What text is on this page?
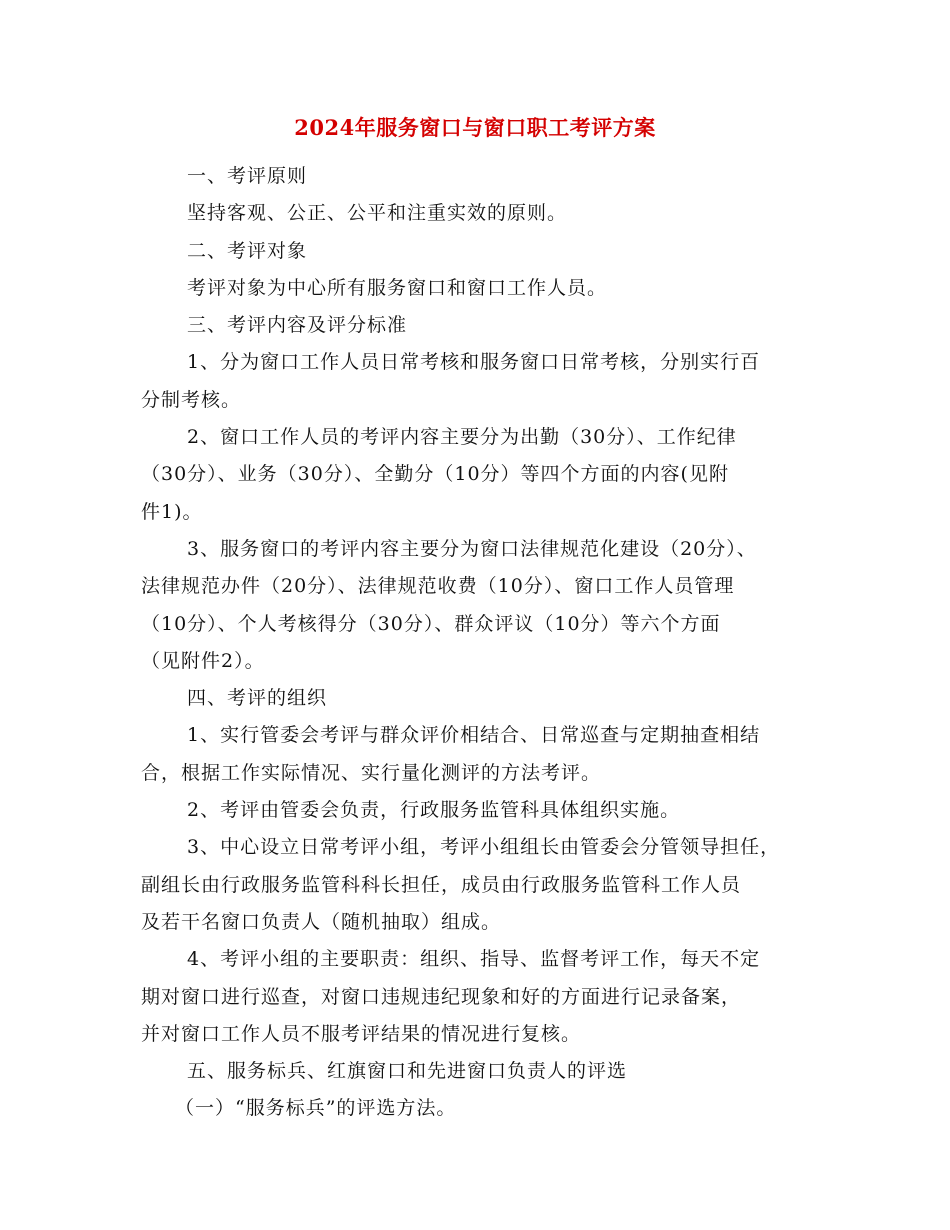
2024年服务窗口与窗口职工考评方案
一、考评原则
坚持客观、公正、公平和注重实效的原则。
二、考评对象
考评对象为中心所有服务窗口和窗口工作人员。
三、考评内容及评分标准
1、分为窗口工作人员日常考核和服务窗口日常考核，分别实行百
分制考核。
2、窗口工作人员的考评内容主要分为出勤（30分）、工作纪律
（30分）、业务（30分）、全勤分（10分）等四个方面的内容(见附
件1)。
3、服务窗口的考评内容主要分为窗口法律规范化建设（20分）、
法律规范办件（20分）、法律规范收费（10分）、窗口工作人员管理
（10分）、个人考核得分（30分）、群众评议（10分）等六个方面
（见附件2）。
四、考评的组织
1、实行管委会考评与群众评价相结合、日常巡查与定期抽查相结
合，根据工作实际情况、实行量化测评的方法考评。
2、考评由管委会负责，行政服务监管科具体组织实施。
3、中心设立日常考评小组，考评小组组长由管委会分管领导担任，
副组长由行政服务监管科科长担任，成员由行政服务监管科工作人员
及若干名窗口负责人（随机抽取）组成。
4、考评小组的主要职责：组织、指导、监督考评工作，每天不定
期对窗口进行巡查，对窗口违规违纪现象和好的方面进行记录备案，
并对窗口工作人员不服考评结果的情况进行复核。
五、服务标兵、红旗窗口和先进窗口负责人的评选
（一）“服务标兵”的评选方法。
